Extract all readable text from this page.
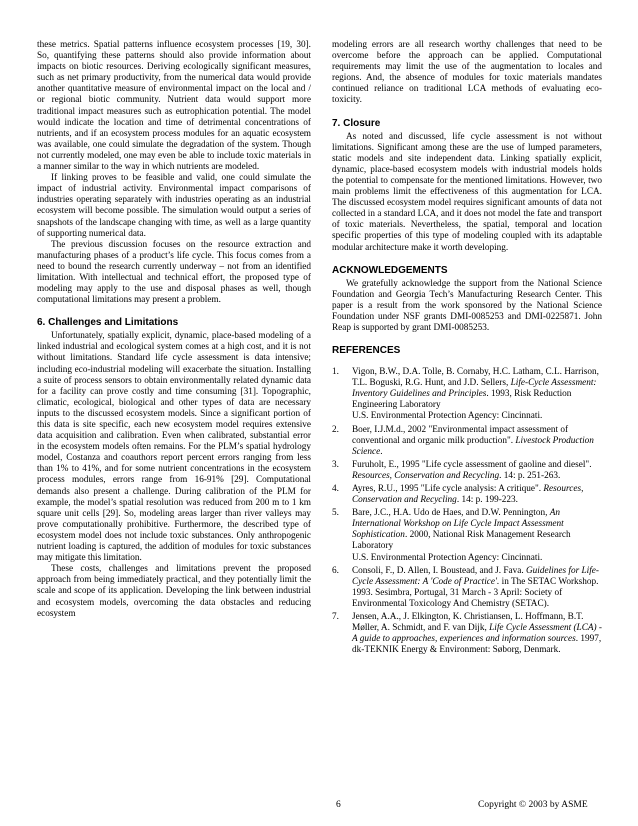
these metrics. Spatial patterns influence ecosystem processes [19, 30]. So, quantifying these patterns should also provide information about impacts on biotic resources. Deriving ecologically significant measures, such as net primary productivity, from the numerical data would provide another quantitative measure of environmental impact on the local and / or regional biotic community. Nutrient data would support more traditional impact measures such as eutrophication potential. The model would indicate the location and time of detrimental concentrations of nutrients, and if an ecosystem process modules for an aquatic ecosystem was available, one could simulate the degradation of the system. Though not currently modeled, one may even be able to include toxic materials in a manner similar to the way in which nutrients are modeled.

If linking proves to be feasible and valid, one could simulate the impact of industrial activity. Environmental impact comparisons of industries operating separately with industries operating as an industrial ecosystem will become possible. The simulation would output a series of snapshots of the landscape changing with time, as well as a large quantity of supporting numerical data.

The previous discussion focuses on the resource extraction and manufacturing phases of a product’s life cycle. This focus comes from a need to bound the research currently underway – not from an identified limitation. With intellectual and technical effort, the proposed type of modeling may apply to the use and disposal phases as well, though computational limitations may present a problem.

6. Challenges and Limitations

Unfortunately, spatially explicit, dynamic, place-based modeling of a linked industrial and ecological system comes at a high cost, and it is not without limitations. Standard life cycle assessment is data intensive; including eco-industrial modeling will exacerbate the situation. Installing a suite of process sensors to obtain environmentally related dynamic data for a facility can prove costly and time consuming [31]. Topographic, climatic, ecological, biological and other types of data are necessary inputs to the discussed ecosystem models. Since a significant portion of this data is site specific, each new ecosystem model requires extensive data acquisition and calibration. Even when calibrated, substantial error in the ecosystem models often remains. For the PLM’s spatial hydrology model, Costanza and coauthors report percent errors ranging from less than 1% to 41%, and for some nutrient concentrations in the ecosystem process modules, errors range from 16-91% [29]. Computational demands also present a challenge. During calibration of the PLM for example, the model’s spatial resolution was reduced from 200 m to 1 km square unit cells [29]. So, modeling areas larger than river valleys may prove computationally prohibitive. Furthermore, the described type of ecosystem model does not include toxic substances. Only anthropogenic nutrient loading is captured, the addition of modules for toxic substances may mitigate this limitation.

These costs, challenges and limitations prevent the proposed approach from being immediately practical, and they potentially limit the scale and scope of its application. Developing the link between industrial and ecosystem models, overcoming the data obstacles and reducing ecosystem

modeling errors are all research worthy challenges that need to be overcome before the approach can be applied. Computational requirements may limit the use of the augmentation to locales and regions. And, the absence of modules for toxic materials mandates continued reliance on traditional LCA methods of evaluating eco-toxicity.

7. Closure

As noted and discussed, life cycle assessment is not without limitations. Significant among these are the use of lumped parameters, static models and site independent data. Linking spatially explicit, dynamic, place-based ecosystem models with industrial models holds the potential to compensate for the mentioned limitations. However, two main problems limit the effectiveness of this augmentation for LCA. The discussed ecosystem model requires significant amounts of data not collected in a standard LCA, and it does not model the fate and transport of toxic materials. Nevertheless, the spatial, temporal and location specific properties of this type of modeling coupled with its adaptable modular architecture make it worth developing.

ACKNOWLEDGEMENTS

We gratefully acknowledge the support from the National Science Foundation and Georgia Tech’s Manufacturing Research Center. This paper is a result from the work sponsored by the National Science Foundation under NSF grants DMI-0085253 and DMI-0225871. John Reap is supported by grant DMI-0085253.

REFERENCES
1. Vigon, B.W., D.A. Tolle, B. Cornaby, H.C. Latham, C.L. Harrison, T.L. Boguski, R.G. Hunt, and J.D. Sellers, Life-Cycle Assessment: Inventory Guidelines and Principles. 1993, Risk Reduction Engineering Laboratory
U.S. Environmental Protection Agency: Cincinnati.
2. Boer, I.J.M.d., 2002 "Environmental impact assessment of conventional and organic milk production". Livestock Production Science.
3. Furuholt, E., 1995 "Life cycle assessment of gaoline and diesel". Resources, Conservation and Recycling. 14: p. 251-263.
4. Ayres, R.U., 1995 "Life cycle analysis: A critique". Resources, Conservation and Recycling. 14: p. 199-223.
5. Bare, J.C., H.A. Udo de Haes, and D.W. Pennington, An International Workshop on Life Cycle Impact Assessment Sophistication. 2000, National Risk Management Research Laboratory
U.S. Environmental Protection Agency: Cincinnati.
6. Consoli, F., D. Allen, I. Boustead, and J. Fava. Guidelines for Life-Cycle Assessment: A 'Code of Practice'. in The SETAC Workshop. 1993. Sesimbra, Portugal, 31 March - 3 April: Society of Environmental Toxicology And Chemistry (SETAC).
7. Jensen, A.A., J. Elkington, K. Christiansen, L. Hoffmann, B.T. Møller, A. Schmidt, and F. van Dijk, Life Cycle Assessment (LCA) - A guide to approaches, experiences and information sources. 1997, dk-TEKNIK Energy & Environment: Søborg, Denmark.
6	Copyright © 2003 by ASME
